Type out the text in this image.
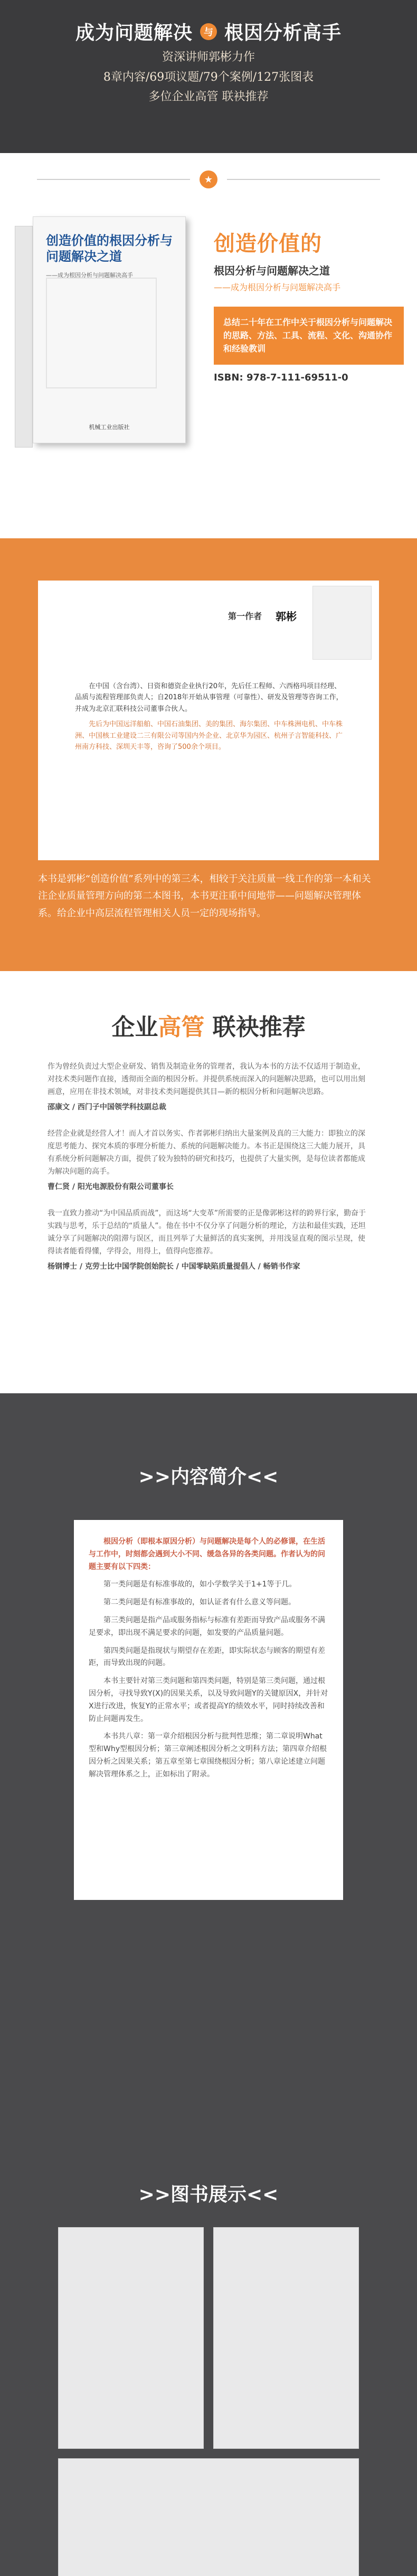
成为问题解决	与 根因分析高手
资深讲师郭彬力作
8章内容/69项议题/79个案例/127张图表
多位企业高管 联袂推荐
★
创造价值的根因分析与问题解决之道
——成为根因分析与问题解决高手
机械工业出版社
创造价值的
根因分析与问题解决之道
——成为根因分析与问题解决高手
总结二十年在工作中关于根因分析与问题解决的思路、方法、工具、流程、文化、沟通协作和经验教训
ISBN: 978-7-111-69511-0
第一作者 郭彬

在中国（含台湾）、日资和德资企业执行20年，先后任工程师、六西格玛项目经理、品质与流程管理部负责人；自2018年开始从事管理（可靠性）、研发及管理等咨询工作，并成为北京汇联科技公司董事合伙人。

先后为中国远洋船舶、中国石油集团、美的集团、海尔集团、中车株洲电机、中车株洲、中国核工业建设二三有限公司等国内外企业、北京华为园区、杭州子言智能科技、广州南方科技、深圳天丰等，咨询了500余个项目。

本书是郭彬“创造价值”系列中的第三本，相较于关注质量一线工作的第一本和关注企业质量管理方向的第二本图书，本书更注重中间地带——问题解决管理体系。给企业中高层流程管理相关人员一定的现场指导。
企业高管 联袂推荐
作为曾经负责过大型企业研发、销售及制造业务的管理者，我认为本书的方法不仅适用于制造业，对技术类问题作直接，透彻而全面的根因分析。并提供系统而深入的问题解决思路，也可以用出刻画意，应用在非技术领域，对非技术类问题提供其目—新的根因分析和问题解决思路。
邵康文 / 西门子中国领学科技副总裁
经营企业就是经营人才！而人才首以务实、作者郭彬归纳出大量案例及真的三大能力：即独立的深度思考能力、探究本质的事理分析能力、系统的问题解决能力。本书正是围绕这三大能力展开，具有系统分析问题解决方面，提供了较为独特的研究和技巧，也提供了大量实例，是每位读者都能成为解决问题的高手。
曹仁贤 / 阳光电源股份有限公司董事长
我一直致力推动“为中国品质而战”，而这场“大变革”所需要的正是像郭彬这样的跨界行家，勤奋于实践与思考，乐于总结的“质量人”。他在书中不仅分享了问题分析的理论，方法和最佳实践，还坦诚分享了问题解决的阻滞与误区，而且列举了大量鲜活的真实案例，并用浅显直观的图示呈现，使得读者能看得懂，学得会，用得上，值得向您推荐。
杨钢博士 / 克劳士比中国学院创始院长 / 中国零缺陷质量提倡人 / 畅销书作家
>>内容简介<<

根因分析（即根本原因分析）与问题解决是每个人的必修课，在生活与工作中，时刻都会遇到大小不同、缓急各异的各类问题。作者认为的问题主要有以下四类：

第一类问题是有标准事故的，如小学数学关于1+1等于几。

第二类问题是有标准事故的，如认证者有什么意义等问题。

第三类问题是指产品或服务指标与标准有差距而导致产品或服务不满足要求，即出现不满足要求的问题，如发要的产品质量问题。

第四类问题是指现状与期望存在差距，即实际状态与顾客的期望有差距，而导致出现的问题。

本书主要针对第三类问题和第四类问题，特别是第三类问题，通过根因分析，寻找导致Y(X)的因果关系，以及导致问题Y的关键原因X，并针对X进行改进，恢复Y的正常水平；或者提高Y的绩效水平，同时持续改善和防止问题再发生。

本书共八章：第一章介绍根因分析与批判性思维；第二章说明What型和Why型根因分析；第三章阐述根因分析之文明科方法；第四章介绍根因分析之因果关系；第五章至第七章围绕根因分析；第八章论述建立问题解决管理体系之上，正如标出了附录。

>>图书展示<<
